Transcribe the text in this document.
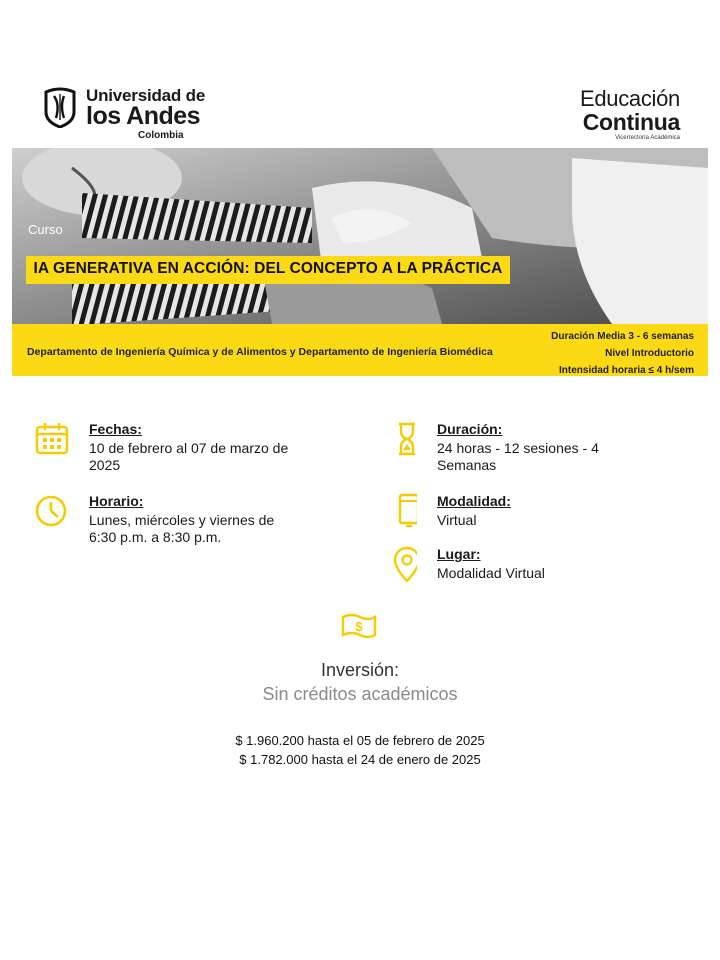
Universidad de
los Andes
Colombia
Educación
Continua
Vicerrectoría Académica
Curso
IA GENERATIVA EN ACCIÓN: DEL CONCEPTO A LA PRÁCTICA
Departamento de Ingeniería Química y de Alimentos y Departamento de Ingeniería Biomédica
Duración Media 3 - 6 semanas
Nivel Introductorio
Intensidad horaria ≤ 4 h/sem
Fechas:
10 de febrero al 07 de marzo de 2025
Horario:
Lunes, miércoles y viernes de 6:30 p.m. a 8:30 p.m.
Duración:
24 horas - 12 sesiones - 4 Semanas
Modalidad:
Virtual
Lugar:
Modalidad Virtual
$
Inversión:
Sin créditos académicos
$ 1.960.200 hasta el 05 de febrero de 2025
$ 1.782.000 hasta el 24 de enero de 2025
